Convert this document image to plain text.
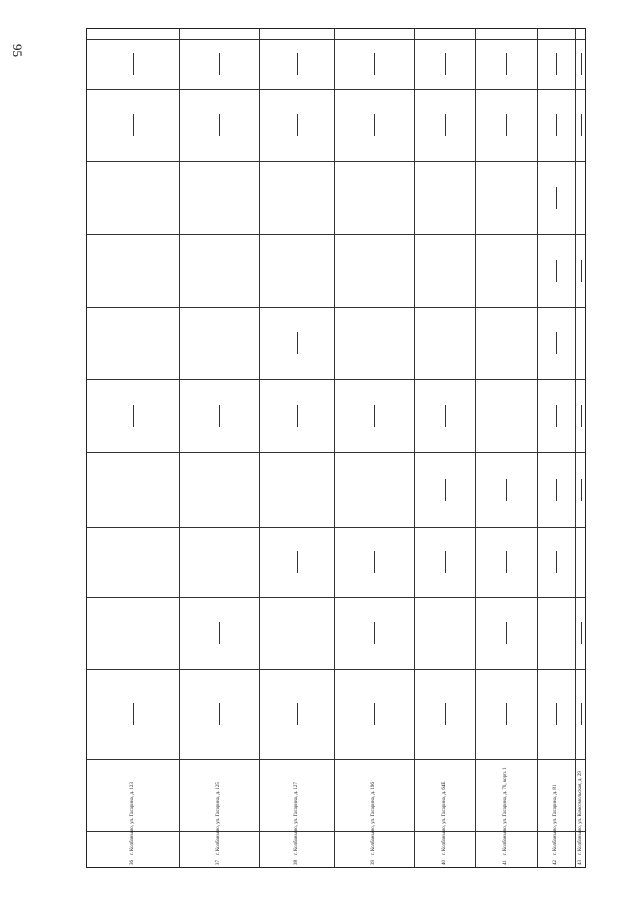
95
36
г. Колбаньево, ул. Гагарина, д. 123
37
г. Колбаньево, ул. Гагарина, д. 125
38
г. Колбаньево, ул. Гагарина, д. 127
39
г. Колбаньево, ул. Гагарина, д. 196
40
г. Колбаньево, ул. Гагарина, д. 64Е
41
г. Колбаньево, ул. Гагарина, д. 70, корп. 1
42
г. Колбаньево, ул. Гагарина, д. 81
43
г. Колбаньево, ул. Комсомольская, д. 29
